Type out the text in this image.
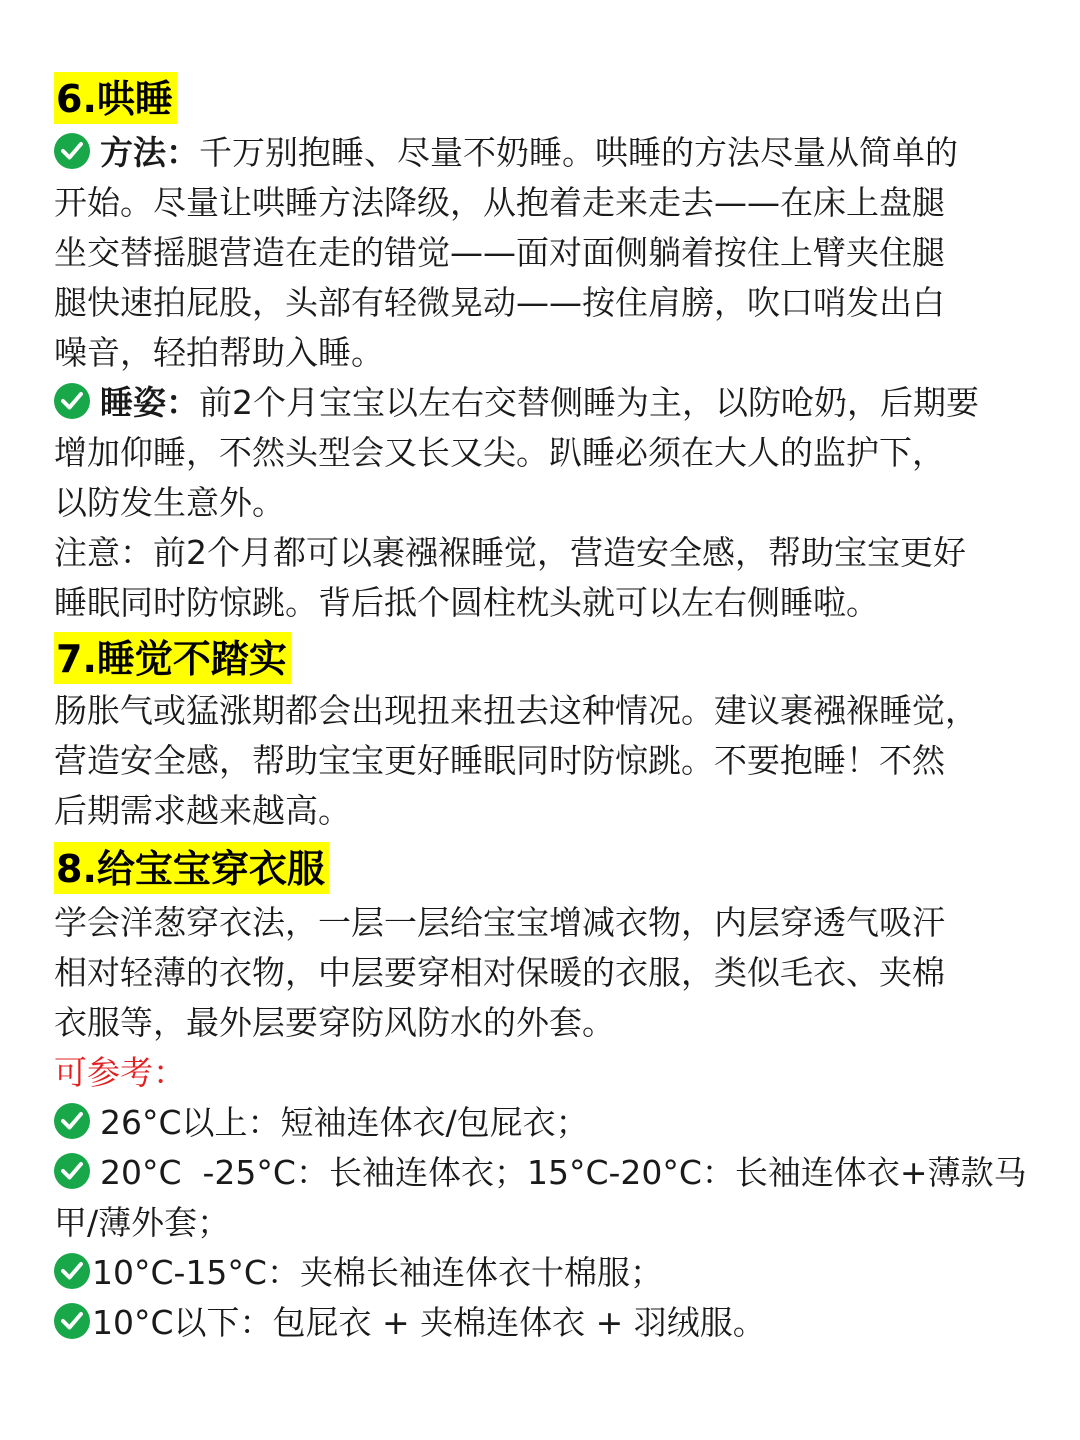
6.哄睡
方法：千万别抱睡、尽量不奶睡。哄睡的方法尽量从简单的
开始。尽量让哄睡方法降级，从抱着走来走去——在床上盘腿
坐交替摇腿营造在走的错觉——面对面侧躺着按住上臂夹住腿
腿快速拍屁股，头部有轻微晃动——按住肩膀，吹口哨发出白
噪音，轻拍帮助入睡。
睡姿：前2个月宝宝以左右交替侧睡为主，以防呛奶，后期要
增加仰睡，不然头型会又长又尖。趴睡必须在大人的监护下，
以防发生意外。
注意：前2个月都可以裹襁褓睡觉，营造安全感，帮助宝宝更好
睡眠同时防惊跳。背后抵个圆柱枕头就可以左右侧睡啦。
7.睡觉不踏实
肠胀气或猛涨期都会出现扭来扭去这种情况。建议裹襁褓睡觉，
营造安全感，帮助宝宝更好睡眠同时防惊跳。不要抱睡！不然
后期需求越来越高。
8.给宝宝穿衣服
学会洋葱穿衣法，一层一层给宝宝增减衣物，内层穿透气吸汗
相对轻薄的衣物，中层要穿相对保暖的衣服，类似毛衣、夹棉
衣服等，最外层要穿防风防水的外套。

可参考：

26°C以上：短袖连体衣/包屁衣；
20°C  -25°C：长袖连体衣；15°C-20°C：长袖连体衣+薄款马
甲/薄外套；
10°C-15°C：夹棉长袖连体衣十棉服；
10°C以下：包屁衣 + 夹棉连体衣 + 羽绒服。
